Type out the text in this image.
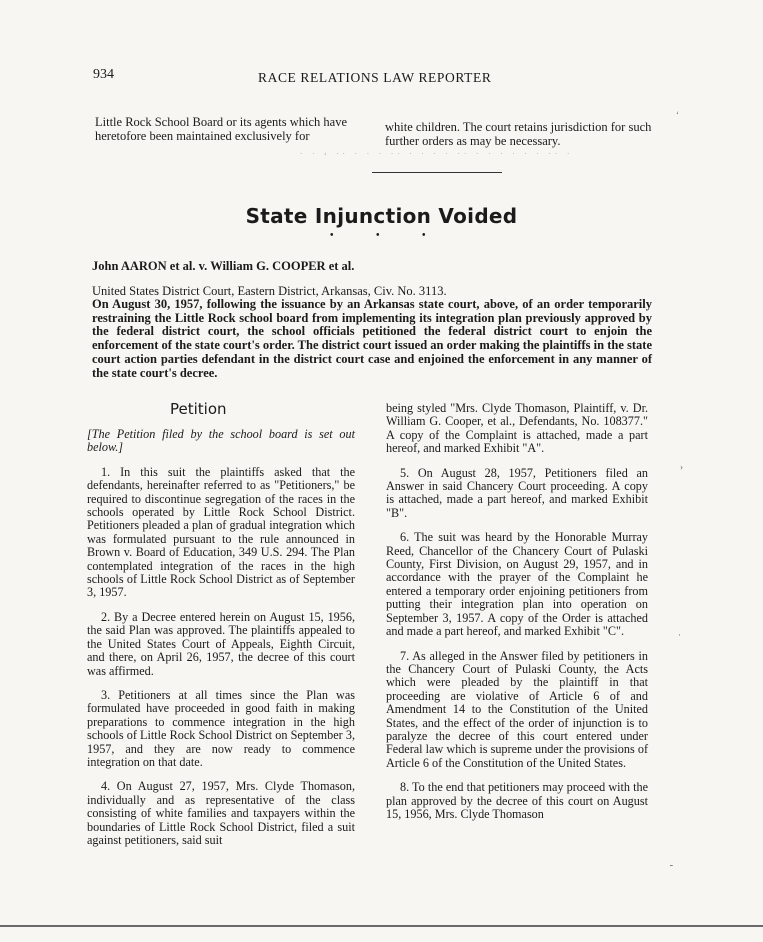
934	RACE RELATIONS LAW REPORTER
Little Rock School Board or its agents which have heretofore been maintained exclusively for
white children. The court retains jurisdiction for such further orders as may be necessary.
· · ‹ ·· · · · ·· · · · · ·· · · · · · · ·· ·
State Injunction Voided
• • •
John AARON et al. v. William G. COOPER et al.
United States District Court, Eastern District, Arkansas, Civ. No. 3113.
On August 30, 1957, following the issuance by an Arkansas state court, above, of an order temporarily restraining the Little Rock school board from implementing its integration plan previously approved by the federal district court, the school officials petitioned the federal district court to enjoin the enforcement of the state court's order. The district court issued an order making the plaintiffs in the state court action parties defendant in the district court case and enjoined the enforcement in any manner of the state court's decree.
Petition

[The Petition filed by the school board is set out below.]

1. In this suit the plaintiffs asked that the defendants, hereinafter referred to as "Petitioners," be required to discontinue segregation of the races in the schools operated by Little Rock School District. Petitioners pleaded a plan of gradual integration which was formulated pursuant to the rule announced in Brown v. Board of Education, 349 U.S. 294. The Plan contemplated integration of the races in the high schools of Little Rock School District as of September 3, 1957.

2. By a Decree entered herein on August 15, 1956, the said Plan was approved. The plaintiffs appealed to the United States Court of Appeals, Eighth Circuit, and there, on April 26, 1957, the decree of this court was affirmed.

3. Petitioners at all times since the Plan was formulated have proceeded in good faith in making preparations to commence integration in the high schools of Little Rock School District on September 3, 1957, and they are now ready to commence integration on that date.

4. On August 27, 1957, Mrs. Clyde Thomason, individually and as representative of the class consisting of white families and taxpayers within the boundaries of Little Rock School District, filed a suit against petitioners, said suit

being styled "Mrs. Clyde Thomason, Plaintiff, v. Dr. William G. Cooper, et al., Defendants, No. 108377." A copy of the Complaint is attached, made a part hereof, and marked Exhibit "A".

5. On August 28, 1957, Petitioners filed an Answer in said Chancery Court proceeding. A copy is attached, made a part hereof, and marked Exhibit "B".

6. The suit was heard by the Honorable Murray Reed, Chancellor of the Chancery Court of Pulaski County, First Division, on August 29, 1957, and in accordance with the prayer of the Complaint he entered a temporary order enjoining petitioners from putting their integration plan into operation on September 3, 1957. A copy of the Order is attached and made a part hereof, and marked Exhibit "C".

7. As alleged in the Answer filed by petitioners in the Chancery Court of Pulaski County, the Acts which were pleaded by the plaintiff in that proceeding are violative of Article 6 of and Amendment 14 to the Constitution of the United States, and the effect of the order of injunction is to paralyze the decree of this court entered under Federal law which is supreme under the provisions of Article 6 of the Constitution of the United States.

8. To the end that petitioners may proceed with the plan approved by the decree of this court on August 15, 1956, Mrs. Clyde Thomason

‘
›
·
ـ
